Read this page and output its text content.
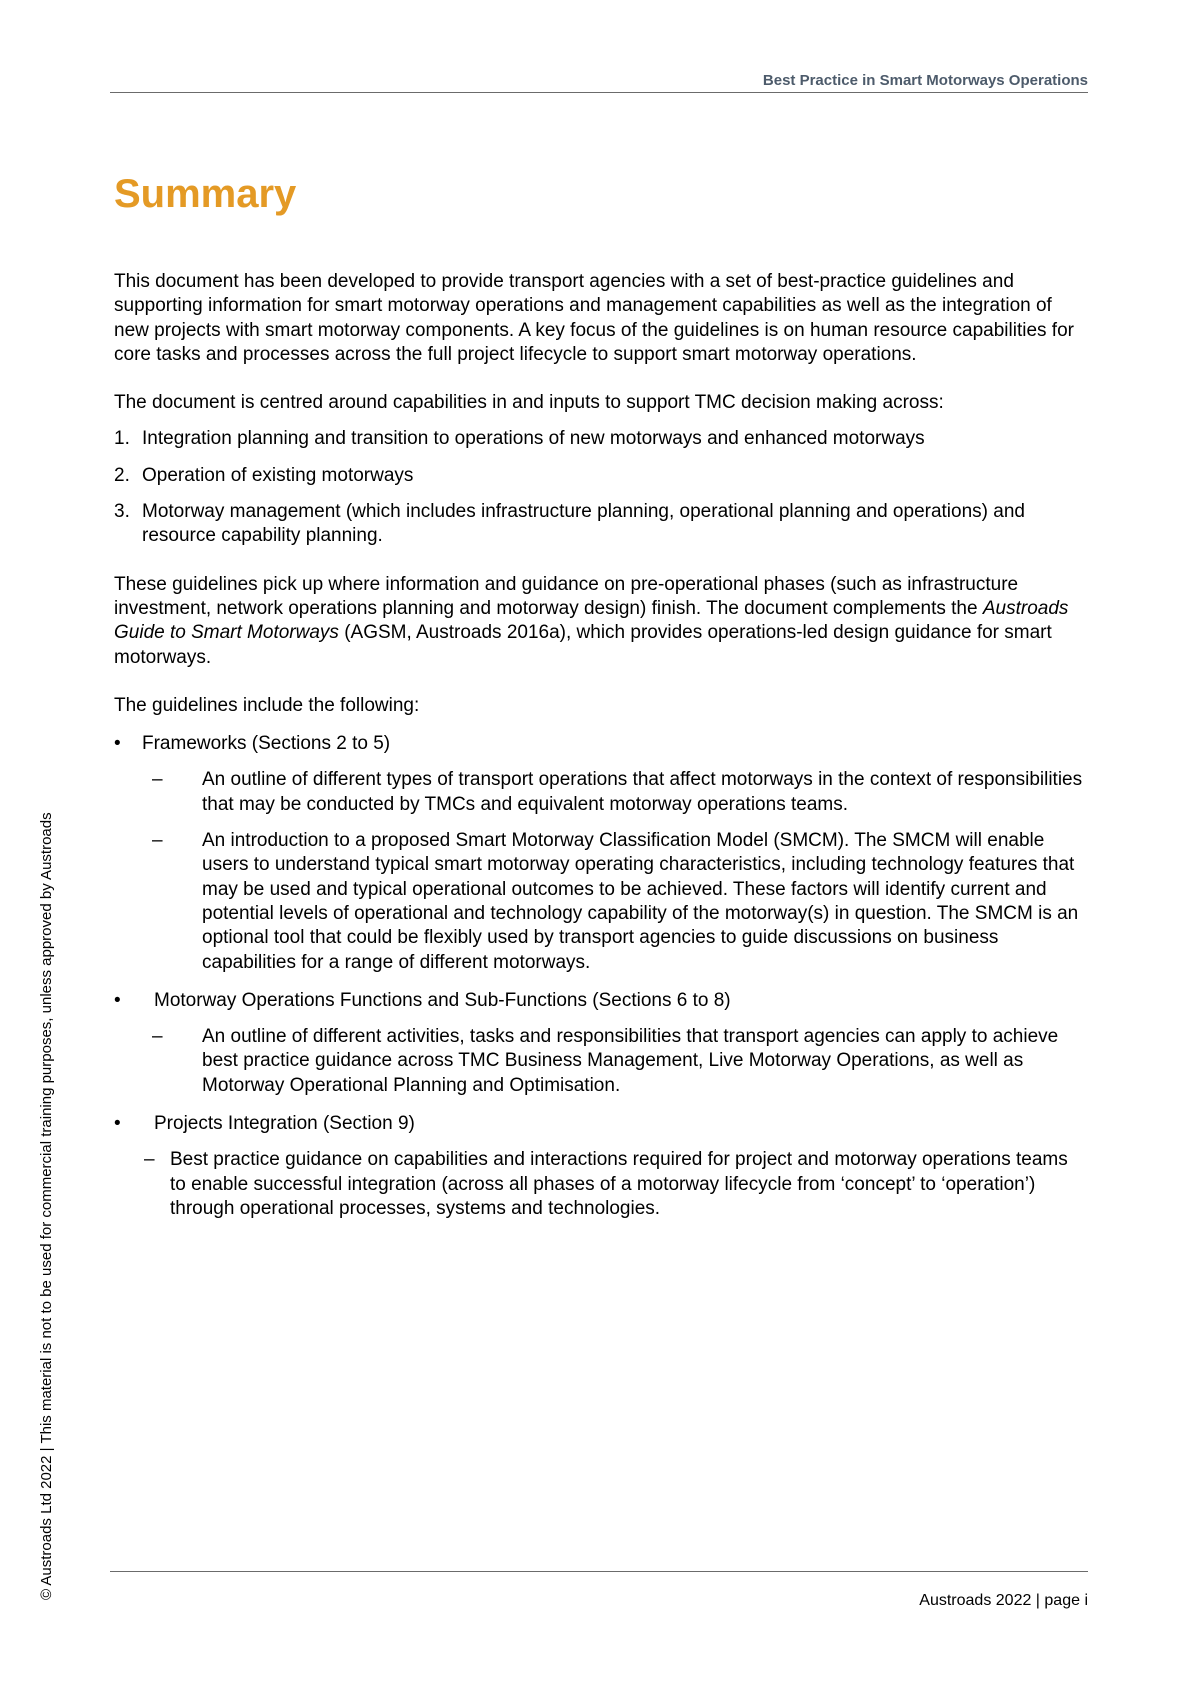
Best Practice in Smart Motorways Operations
Summary

This document has been developed to provide transport agencies with a set of best-practice guidelines and supporting information for smart motorway operations and management capabilities as well as the integration of new projects with smart motorway components. A key focus of the guidelines is on human resource capabilities for core tasks and processes across the full project lifecycle to support smart motorway operations.

The document is centred around capabilities in and inputs to support TMC decision making across:

1. Integration planning and transition to operations of new motorways and enhanced motorways
2. Operation of existing motorways
3. Motorway management (which includes infrastructure planning, operational planning and operations) and resource capability planning.

These guidelines pick up where information and guidance on pre-operational phases (such as infrastructure investment, network operations planning and motorway design) finish. The document complements the Austroads Guide to Smart Motorways (AGSM, Austroads 2016a), which provides operations-led design guidance for smart motorways.

The guidelines include the following:

•	Frameworks (Sections 2 to 5)
–	An outline of different types of transport operations that affect motorways in the context of responsibilities that may be conducted by TMCs and equivalent motorway operations teams.
–	An introduction to a proposed Smart Motorway Classification Model (SMCM). The SMCM will enable users to understand typical smart motorway operating characteristics, including technology features that may be used and typical operational outcomes to be achieved. These factors will identify current and potential levels of operational and technology capability of the motorway(s) in question. The SMCM is an optional tool that could be flexibly used by transport agencies to guide discussions on business capabilities for a range of different motorways.
•	Motorway Operations Functions and Sub-Functions (Sections 6 to 8)
–	An outline of different activities, tasks and responsibilities that transport agencies can apply to achieve best practice guidance across TMC Business Management, Live Motorway Operations, as well as Motorway Operational Planning and Optimisation.
•	Projects Integration (Section 9)
– Best practice guidance on capabilities and interactions required for project and motorway operations teams to enable successful integration (across all phases of a motorway lifecycle from ‘concept’ to ‘operation’) through operational processes, systems and technologies.
Austroads 2022 | page i
© Austroads Ltd 2022 | This material is not to be used for commercial training purposes, unless approved by Austroads
